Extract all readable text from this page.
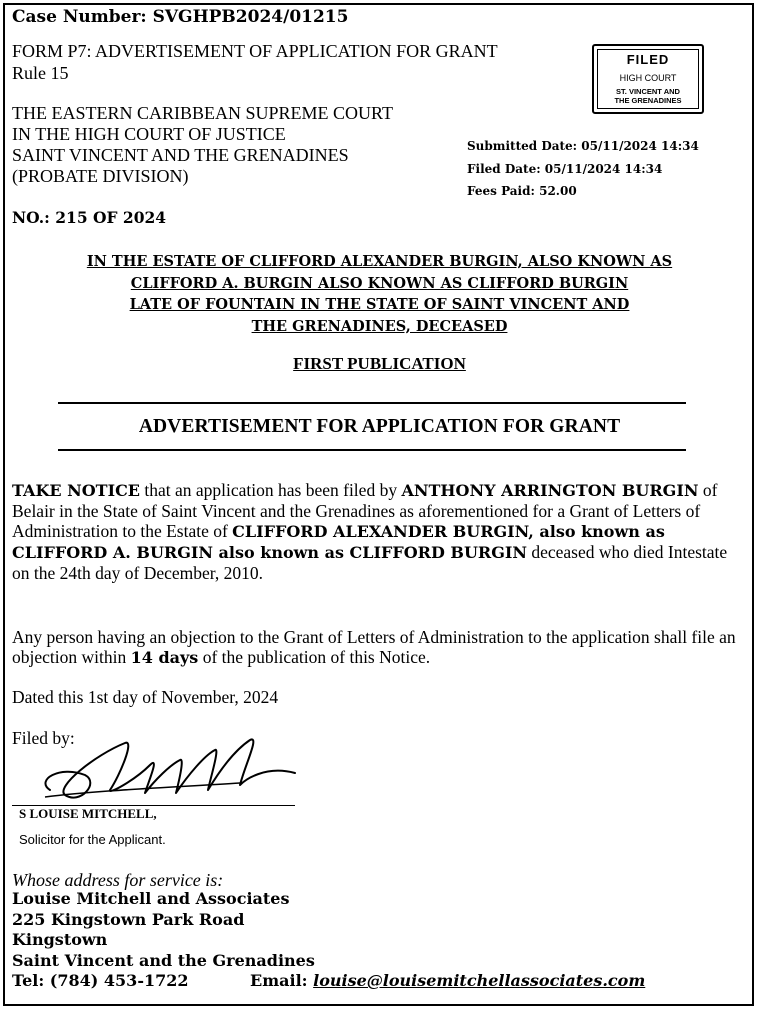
Case Number: SVGHPB2024/01215
FORM P7: ADVERTISEMENT OF APPLICATION FOR GRANT
Rule 15
THE EASTERN CARIBBEAN SUPREME COURT
IN THE HIGH COURT OF JUSTICE
SAINT VINCENT AND THE GRENADINES
(PROBATE DIVISION)
FILED
HIGH COURT
ST. VINCENT AND
THE GRENADINES
Submitted Date: 05/11/2024 14:34
Filed Date: 05/11/2024 14:34
Fees Paid: 52.00
NO.: 215 OF 2024
IN THE ESTATE OF CLIFFORD ALEXANDER BURGIN, ALSO KNOWN AS
CLIFFORD A. BURGIN ALSO KNOWN AS CLIFFORD BURGIN
LATE OF FOUNTAIN IN THE STATE OF SAINT VINCENT AND
THE GRENADINES, DECEASED
FIRST PUBLICATION
ADVERTISEMENT FOR APPLICATION FOR GRANT
TAKE NOTICE that an application has been filed by ANTHONY ARRINGTON BURGIN of Belair in the State of Saint Vincent and the Grenadines as aforementioned for a Grant of Letters of Administration to the Estate of CLIFFORD ALEXANDER BURGIN, also known as CLIFFORD A. BURGIN also known as CLIFFORD BURGIN deceased who died Intestate on the 24th day of December, 2010.
Any person having an objection to the Grant of Letters of Administration to the application shall file an objection within 14 days of the publication of this Notice.
Dated this 1st day of November, 2024
Filed by:
S LOUISE MITCHELL,
Solicitor for the Applicant.
Whose address for service is:
Louise Mitchell and Associates
225 Kingstown Park Road
Kingstown
Saint Vincent and the Grenadines
Tel: (784) 453-1722	Email: louise@louisemitchellassociates.com
